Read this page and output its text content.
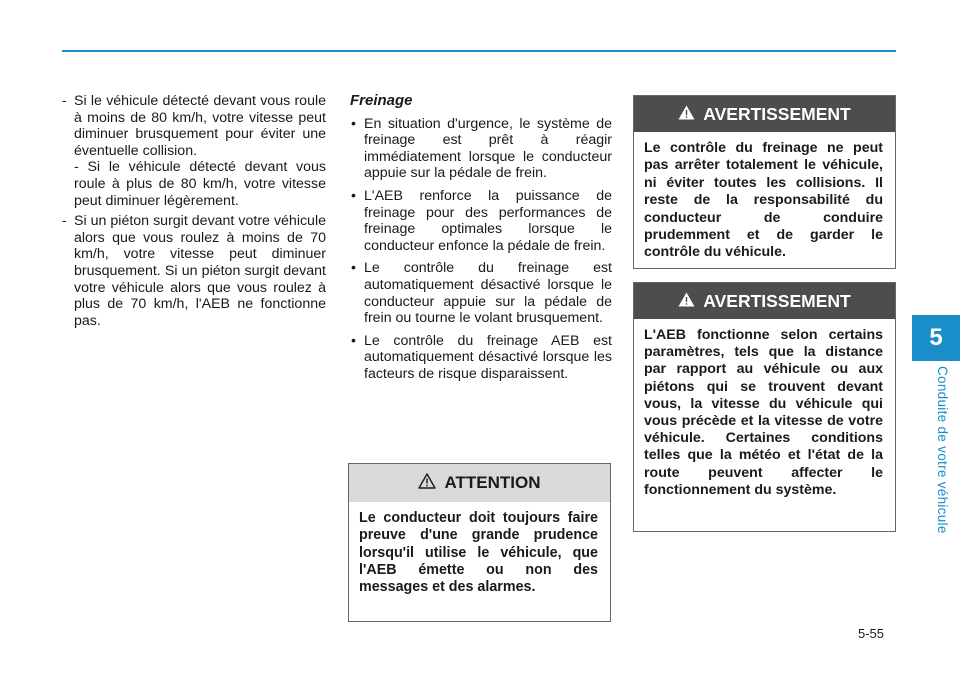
- Si le véhicule détecté devant vous roule à moins de 80 km/h, votre vitesse peut diminuer brusquement pour éviter une éventuelle collision.
- Si le véhicule détecté devant vous roule à plus de 80 km/h, votre vitesse peut diminuer légèrement.
- Si un piéton surgit devant votre véhicule alors que vous roulez à moins de 70 km/h, votre vitesse peut diminuer brusquement. Si un piéton surgit devant votre véhicule alors que vous roulez à plus de 70 km/h, l'AEB ne fonctionne pas.
Freinage
• En situation d'urgence, le système de freinage est prêt à réagir immédiatement lorsque le conducteur appuie sur la pédale de frein.
• L'AEB renforce la puissance de freinage pour des performances de freinage optimales lorsque le conducteur enfonce la pédale de frein.
• Le contrôle du freinage est automatiquement désactivé lorsque le conducteur appuie sur la pédale de frein ou tourne le volant brusquement.
• Le contrôle du freinage AEB est automatiquement désactivé lorsque les facteurs de risque disparaissent.
ATTENTION
Le conducteur doit toujours faire preuve d'une grande prudence lorsqu'il utilise le véhicule, que l'AEB émette ou non des messages et des alarmes.
AVERTISSEMENT
Le contrôle du freinage ne peut pas arrêter totalement le véhicule, ni éviter toutes les collisions. Il reste de la responsabilité du conducteur de conduire prudemment et de garder le contrôle du véhicule.
AVERTISSEMENT
L'AEB fonctionne selon certains paramètres, tels que la distance par rapport au véhicule ou aux piétons qui se trouvent devant vous, la vitesse du véhicule qui vous précède et la vitesse de votre véhicule. Certaines conditions telles que la météo et l'état de la route peuvent affecter le fonctionnement du système.
5
Conduite de votre véhicule
5-55
